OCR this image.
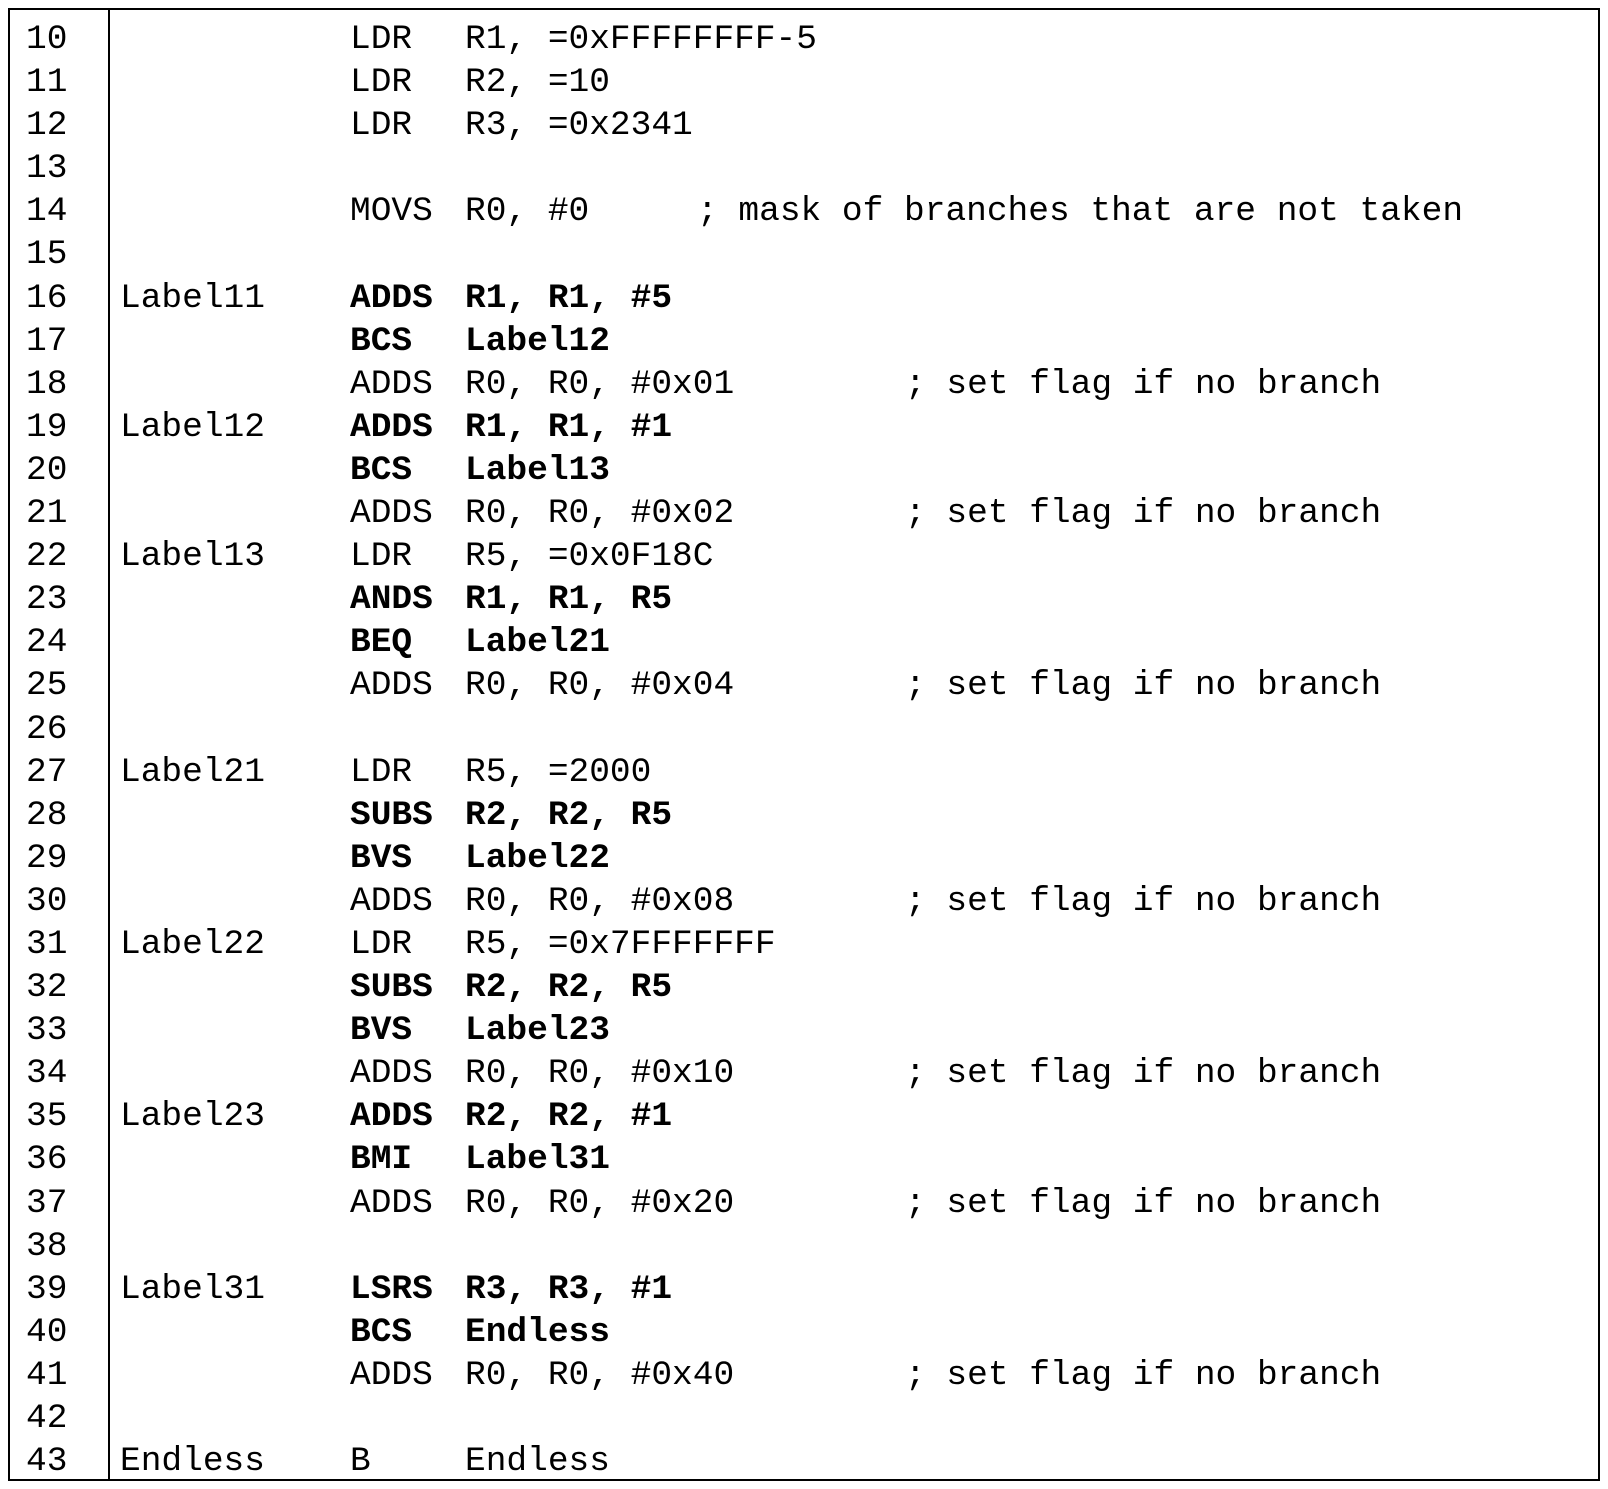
10	LDR R1, =0xFFFFFFFF-5
11	LDR R2, =10
12	LDR R3, =0x2341
13
14	MOVS R0, #0	; mask of branches that are not taken
15
16 Label11 ADDS R1, R1, #5
17	BCS Label12
18	ADDS R0, R0, #0x01	; set flag if no branch
19 Label12 ADDS R1, R1, #1
20	BCS Label13
21	ADDS R0, R0, #0x02	; set flag if no branch
22 Label13 LDR R5, =0x0F18C
23	ANDS R1, R1, R5
24	BEQ Label21
25	ADDS R0, R0, #0x04	; set flag if no branch
26
27 Label21 LDR R5, =2000
28	SUBS R2, R2, R5
29	BVS Label22
30	ADDS R0, R0, #0x08	; set flag if no branch
31 Label22 LDR R5, =0x7FFFFFFF
32	SUBS R2, R2, R5
33	BVS Label23
34	ADDS R0, R0, #0x10	; set flag if no branch
35 Label23 ADDS R2, R2, #1
36	BMI Label31
37	ADDS R0, R0, #0x20	; set flag if no branch
38
39 Label31 LSRS R3, R3, #1
40	BCS Endless
41	ADDS R0, R0, #0x40	; set flag if no branch
42
43 Endless B	Endless
